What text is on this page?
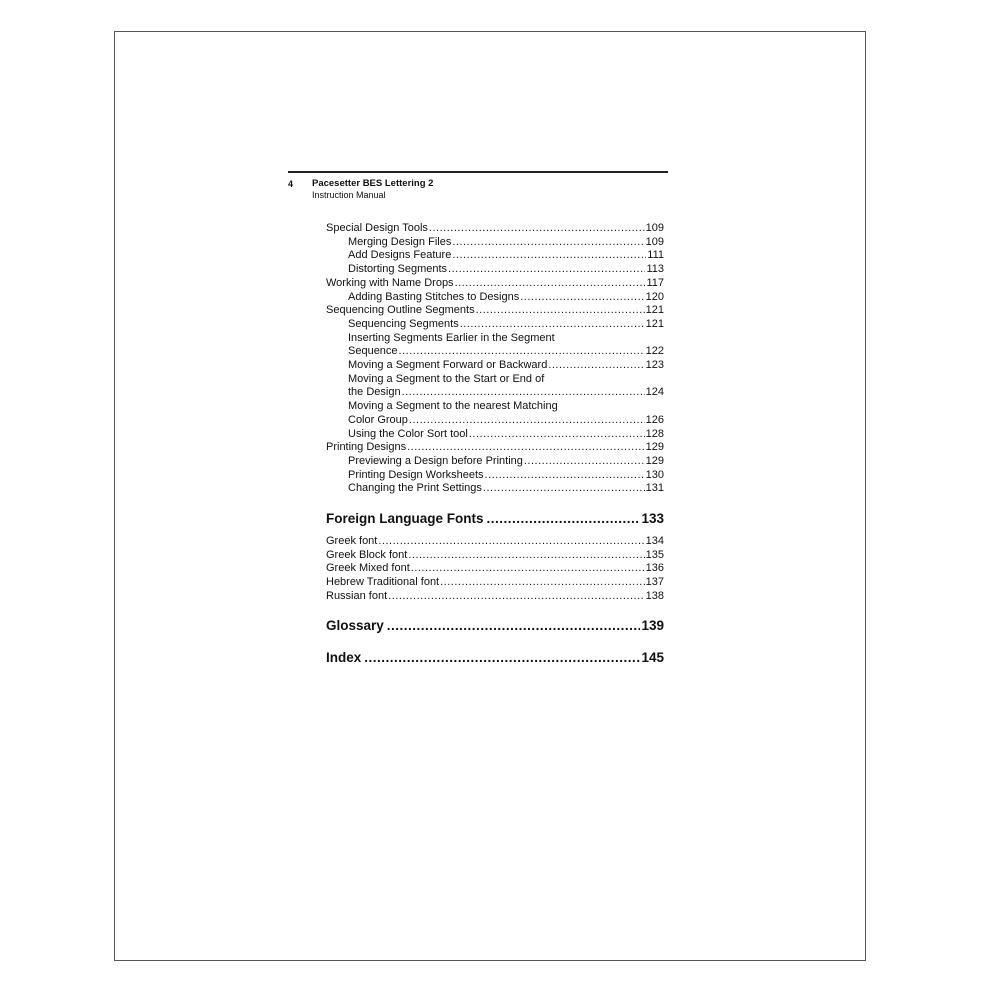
4 Pacesetter BES Lettering 2
Instruction Manual
Special Design Tools .....	109
Merging Design Files .....	109
Add Designs Feature .....	111
Distorting Segments .....	113
Working with Name Drops .....	117
Adding Basting Stitches to Designs .....	120
Sequencing Outline Segments .....	121
Sequencing Segments .....	121
Inserting Segments Earlier in the Segment
Sequence .....	122
Moving a Segment Forward or Backward .....	123
Moving a Segment to the Start or End of
the Design .....	124
Moving a Segment to the nearest Matching
Color Group .....	126
Using the Color Sort tool .....	128
Printing Designs .....	129
Previewing a Design before Printing .....	129
Printing Design Worksheets .....	130
Changing the Print Settings .....	131
Foreign Language Fonts .....	133
Greek font .....	134
Greek Block font .....	135
Greek Mixed font .....	136
Hebrew Traditional font .....	137
Russian font .....	138
Glossary .....	139
Index .....	145
